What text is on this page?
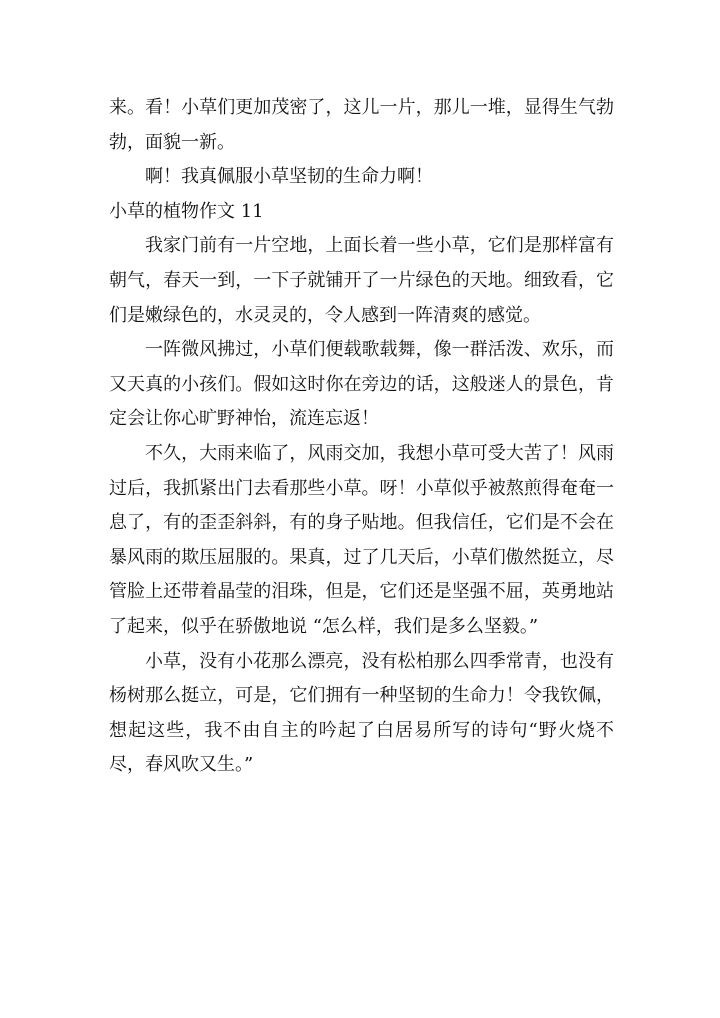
来。看！小草们更加茂密了，这儿一片，那儿一堆，显得生气勃勃，面貌一新。

啊！我真佩服小草坚韧的生命力啊！

小草的植物作文 11

我家门前有一片空地，上面长着一些小草，它们是那样富有朝气，春天一到，一下子就铺开了一片绿色的天地。细致看，它们是嫩绿色的，水灵灵的，令人感到一阵清爽的感觉。

一阵微风拂过，小草们便载歌载舞，像一群活泼、欢乐，而又天真的小孩们。假如这时你在旁边的话，这般迷人的景色，肯定会让你心旷野神怡，流连忘返！

不久，大雨来临了，风雨交加，我想小草可受大苦了！风雨过后，我抓紧出门去看那些小草。呀！小草似乎被熬煎得奄奄一息了，有的歪歪斜斜，有的身子贴地。但我信任，它们是不会在暴风雨的欺压屈服的。果真，过了几天后，小草们傲然挺立，尽管脸上还带着晶莹的泪珠，但是，它们还是坚强不屈，英勇地站了起来，似乎在骄傲地说 “怎么样，我们是多么坚毅。”

小草，没有小花那么漂亮，没有松柏那么四季常青，也没有杨树那么挺立，可是，它们拥有一种坚韧的生命力！令我钦佩，想起这些，我不由自主的吟起了白居易所写的诗句“野火烧不尽，春风吹又生。”
